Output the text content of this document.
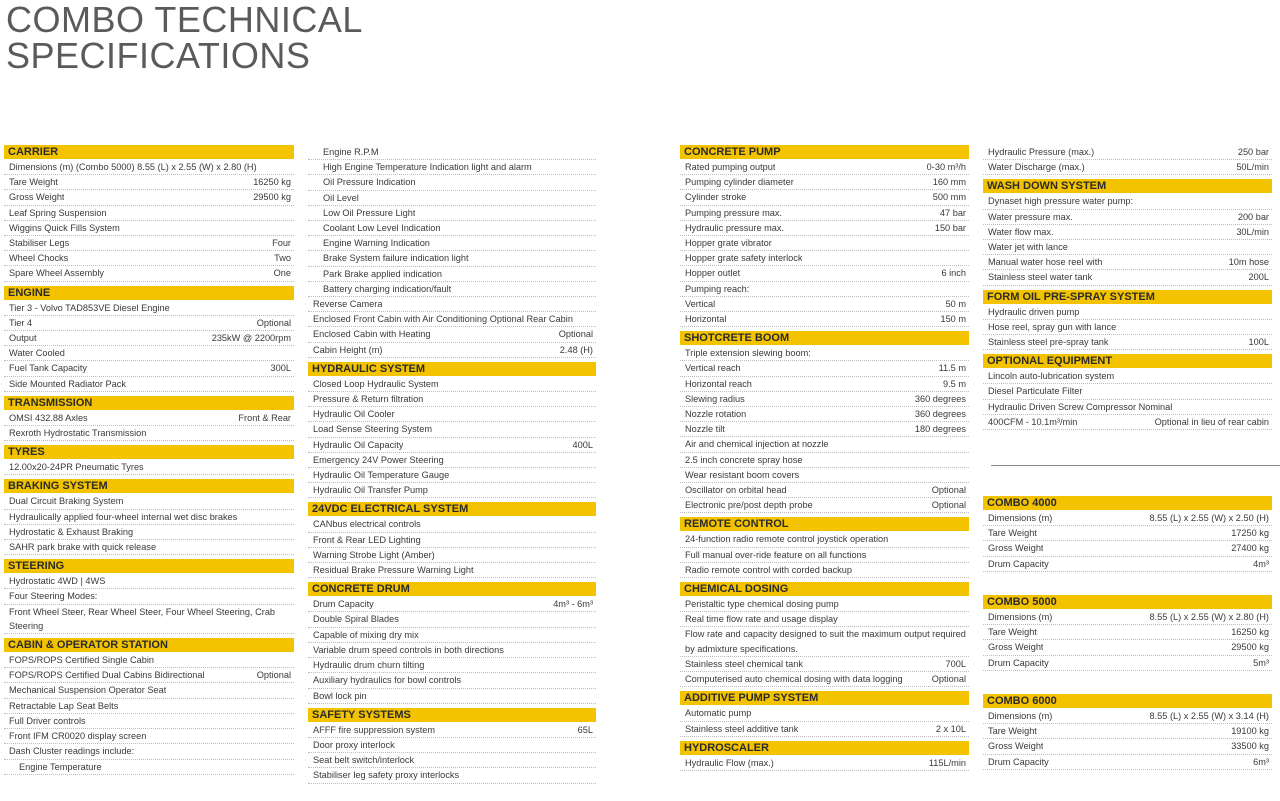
COMBO TECHNICAL
SPECIFICATIONS
CARRIER
Dimensions (m) (Combo 5000) 8.55 (L) x 2.55 (W) x 2.80 (H)
Tare Weight	16250 kg
Gross Weight	29500 kg
Leaf Spring Suspension
Wiggins Quick Fills System
Stabiliser Legs	Four
Wheel Chocks	Two
Spare Wheel Assembly	One
ENGINE
Tier 3 - Volvo TAD853VE Diesel Engine
Tier 4	Optional
Output	235kW @ 2200rpm
Water Cooled
Fuel Tank Capacity	300L
Side Mounted Radiator Pack
TRANSMISSION
OMSI 432.88 Axles	Front & Rear
Rexroth Hydrostatic Transmission
TYRES
12.00x20-24PR Pneumatic Tyres
BRAKING SYSTEM
Dual Circuit Braking System
Hydraulically applied four-wheel internal wet disc brakes
Hydrostatic & Exhaust Braking
SAHR park brake with quick release
STEERING
Hydrostatic 4WD | 4WS
Four Steering Modes:
Front Wheel Steer, Rear Wheel Steer, Four Wheel Steering, Crab Steering
CABIN & OPERATOR STATION
FOPS/ROPS Certified Single Cabin
FOPS/ROPS Certified Dual Cabins Bidirectional	Optional
Mechanical Suspension Operator Seat
Retractable Lap Seat Belts
Full Driver controls
Front IFM CR0020 display screen
Dash Cluster readings include:
Engine Temperature
Engine R.P.M
High Engine Temperature Indication light and alarm
Oil Pressure Indication
Oil Level
Low Oil Pressure Light
Coolant Low Level Indication
Engine Warning Indication
Brake System failure indication light
Park Brake applied indication
Battery charging indication/fault
Reverse Camera
Enclosed Front Cabin with Air Conditioning Optional Rear Cabin
Enclosed Cabin with Heating	Optional
Cabin Height (m)	2.48 (H)
HYDRAULIC SYSTEM
Closed Loop Hydraulic System
Pressure & Return filtration
Hydraulic Oil Cooler
Load Sense Steering System
Hydraulic Oil Capacity	400L
Emergency 24V Power Steering
Hydraulic Oil Temperature Gauge
Hydraulic Oil Transfer Pump
24VDC ELECTRICAL SYSTEM
CANbus electrical controls
Front & Rear LED Lighting
Warning Strobe Light (Amber)
Residual Brake Pressure Warning Light
CONCRETE DRUM
Drum Capacity	4m³ - 6m³
Double Spiral Blades
Capable of mixing dry mix
Variable drum speed controls in both directions
Hydraulic drum churn tilting
Auxiliary hydraulics for bowl controls
Bowl lock pin
SAFETY SYSTEMS
AFFF fire suppression system	65L
Door proxy interlock
Seat belt switch/interlock
Stabiliser leg safety proxy interlocks
CONCRETE PUMP
Rated pumping output	0-30 m³/h
Pumping cylinder diameter	160 mm
Cylinder stroke	500 mm
Pumping pressure max.	47 bar
Hydraulic pressure max.	150 bar
Hopper grate vibrator
Hopper grate safety interlock
Hopper outlet	6 inch
Pumping reach:
Vertical	50 m
Horizontal	150 m
SHOTCRETE BOOM
Triple extension slewing boom:
Vertical reach	11.5 m
Horizontal reach	9.5 m
Slewing radius	360 degrees
Nozzle rotation	360 degrees
Nozzle tilt	180 degrees
Air and chemical injection at nozzle
2.5 inch concrete spray hose
Wear resistant boom covers
Oscillator on orbital head	Optional
Electronic pre/post depth probe	Optional
REMOTE CONTROL
24-function radio remote control joystick operation
Full manual over-ride feature on all functions
Radio remote control with corded backup
CHEMICAL DOSING
Peristaltic type chemical dosing pump
Real time flow rate and usage display
Flow rate and capacity designed to suit the maximum output required by admixture specifications.
Stainless steel chemical tank	700L
Computerised auto chemical dosing with data logging	Optional
ADDITIVE PUMP SYSTEM
Automatic pump
Stainless steel additive tank	2 x 10L
HYDROSCALER
Hydraulic Flow (max.)	115L/min
Hydraulic Pressure (max.)	250 bar
Water Discharge (max.)	50L/min
WASH DOWN SYSTEM
Dynaset high pressure water pump:
Water pressure max.	200 bar
Water flow max.	30L/min
Water jet with lance
Manual water hose reel with	10m hose
Stainless steel water tank	200L
FORM OIL PRE-SPRAY SYSTEM
Hydraulic driven pump
Hose reel, spray gun with lance
Stainless steel pre-spray tank	100L
OPTIONAL EQUIPMENT
Lincoln auto-lubrication system
Diesel Particulate Filter
Hydraulic Driven Screw Compressor Nominal
400CFM - 10.1m³/min	Optional in lieu of rear cabin
COMBO 4000
Dimensions (m)	8.55 (L) x 2.55 (W) x 2.50 (H)
Tare Weight	17250 kg
Gross Weight	27400 kg
Drum Capacity	4m³
COMBO 5000
Dimensions (m)	8.55 (L) x 2.55 (W) x 2.80 (H)
Tare Weight	16250 kg
Gross Weight	29500 kg
Drum Capacity	5m³
COMBO 6000
Dimensions (m)	8.55 (L) x 2.55 (W) x 3.14 (H)
Tare Weight	19100 kg
Gross Weight	33500 kg
Drum Capacity	6m³
